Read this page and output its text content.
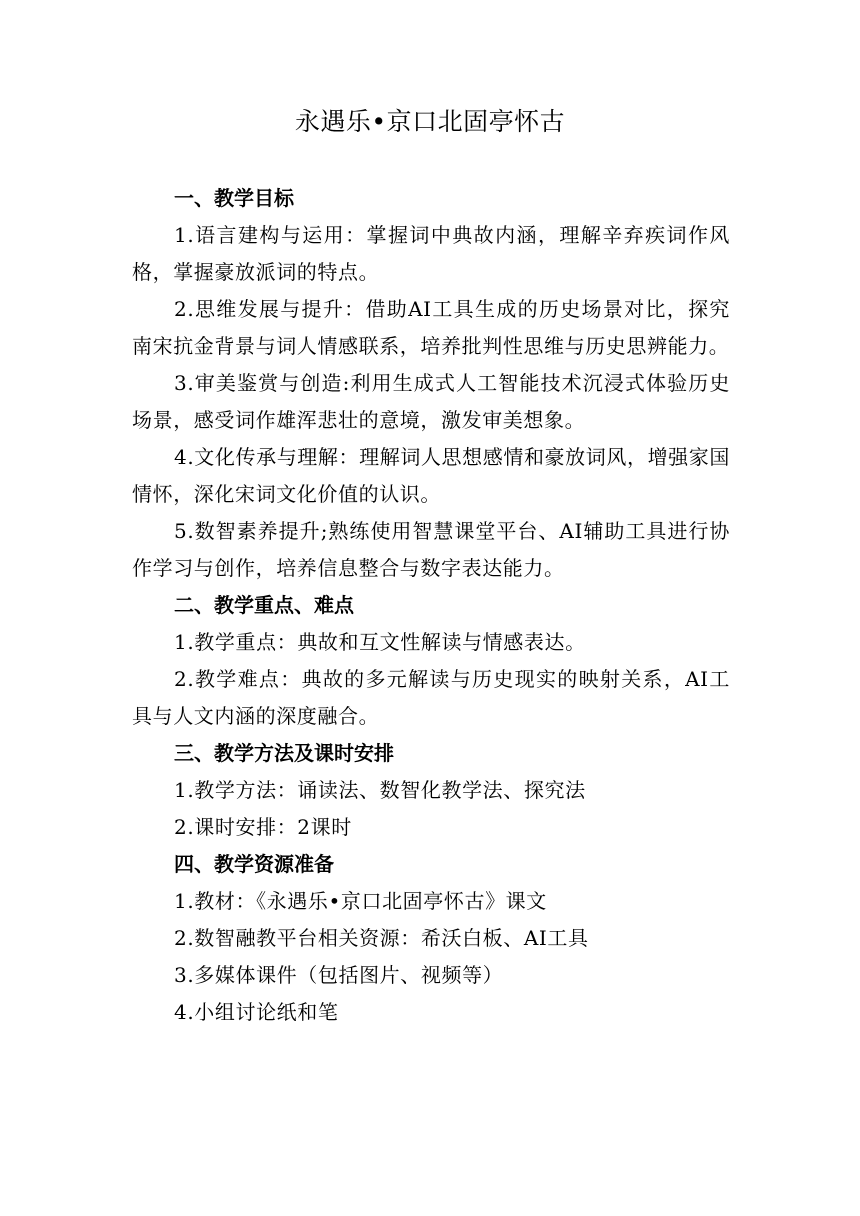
永遇乐•京口北固亭怀古

一、教学目标

1.语言建构与运用：掌握词中典故内涵，理解辛弃疾词作风格，掌握豪放派词的特点。

2.思维发展与提升：借助AI工具生成的历史场景对比，探究南宋抗金背景与词人情感联系，培养批判性思维与历史思辨能力。

3.审美鉴赏与创造:利用生成式人工智能技术沉浸式体验历史场景，感受词作雄浑悲壮的意境，激发审美想象。

4.文化传承与理解：理解词人思想感情和豪放词风，增强家国情怀，深化宋词文化价值的认识。

5.数智素养提升;熟练使用智慧课堂平台、AI辅助工具进行协作学习与创作，培养信息整合与数字表达能力。

二、教学重点、难点

1.教学重点：典故和互文性解读与情感表达。

2.教学难点：典故的多元解读与历史现实的映射关系，AI工具与人文内涵的深度融合。

三、教学方法及课时安排

1.教学方法：诵读法、数智化教学法、探究法

2.课时安排：2课时

四、教学资源准备

1.教材：《永遇乐•京口北固亭怀古》课文

2.数智融教平台相关资源：希沃白板、AI工具

3.多媒体课件（包括图片、视频等）

4.小组讨论纸和笔
